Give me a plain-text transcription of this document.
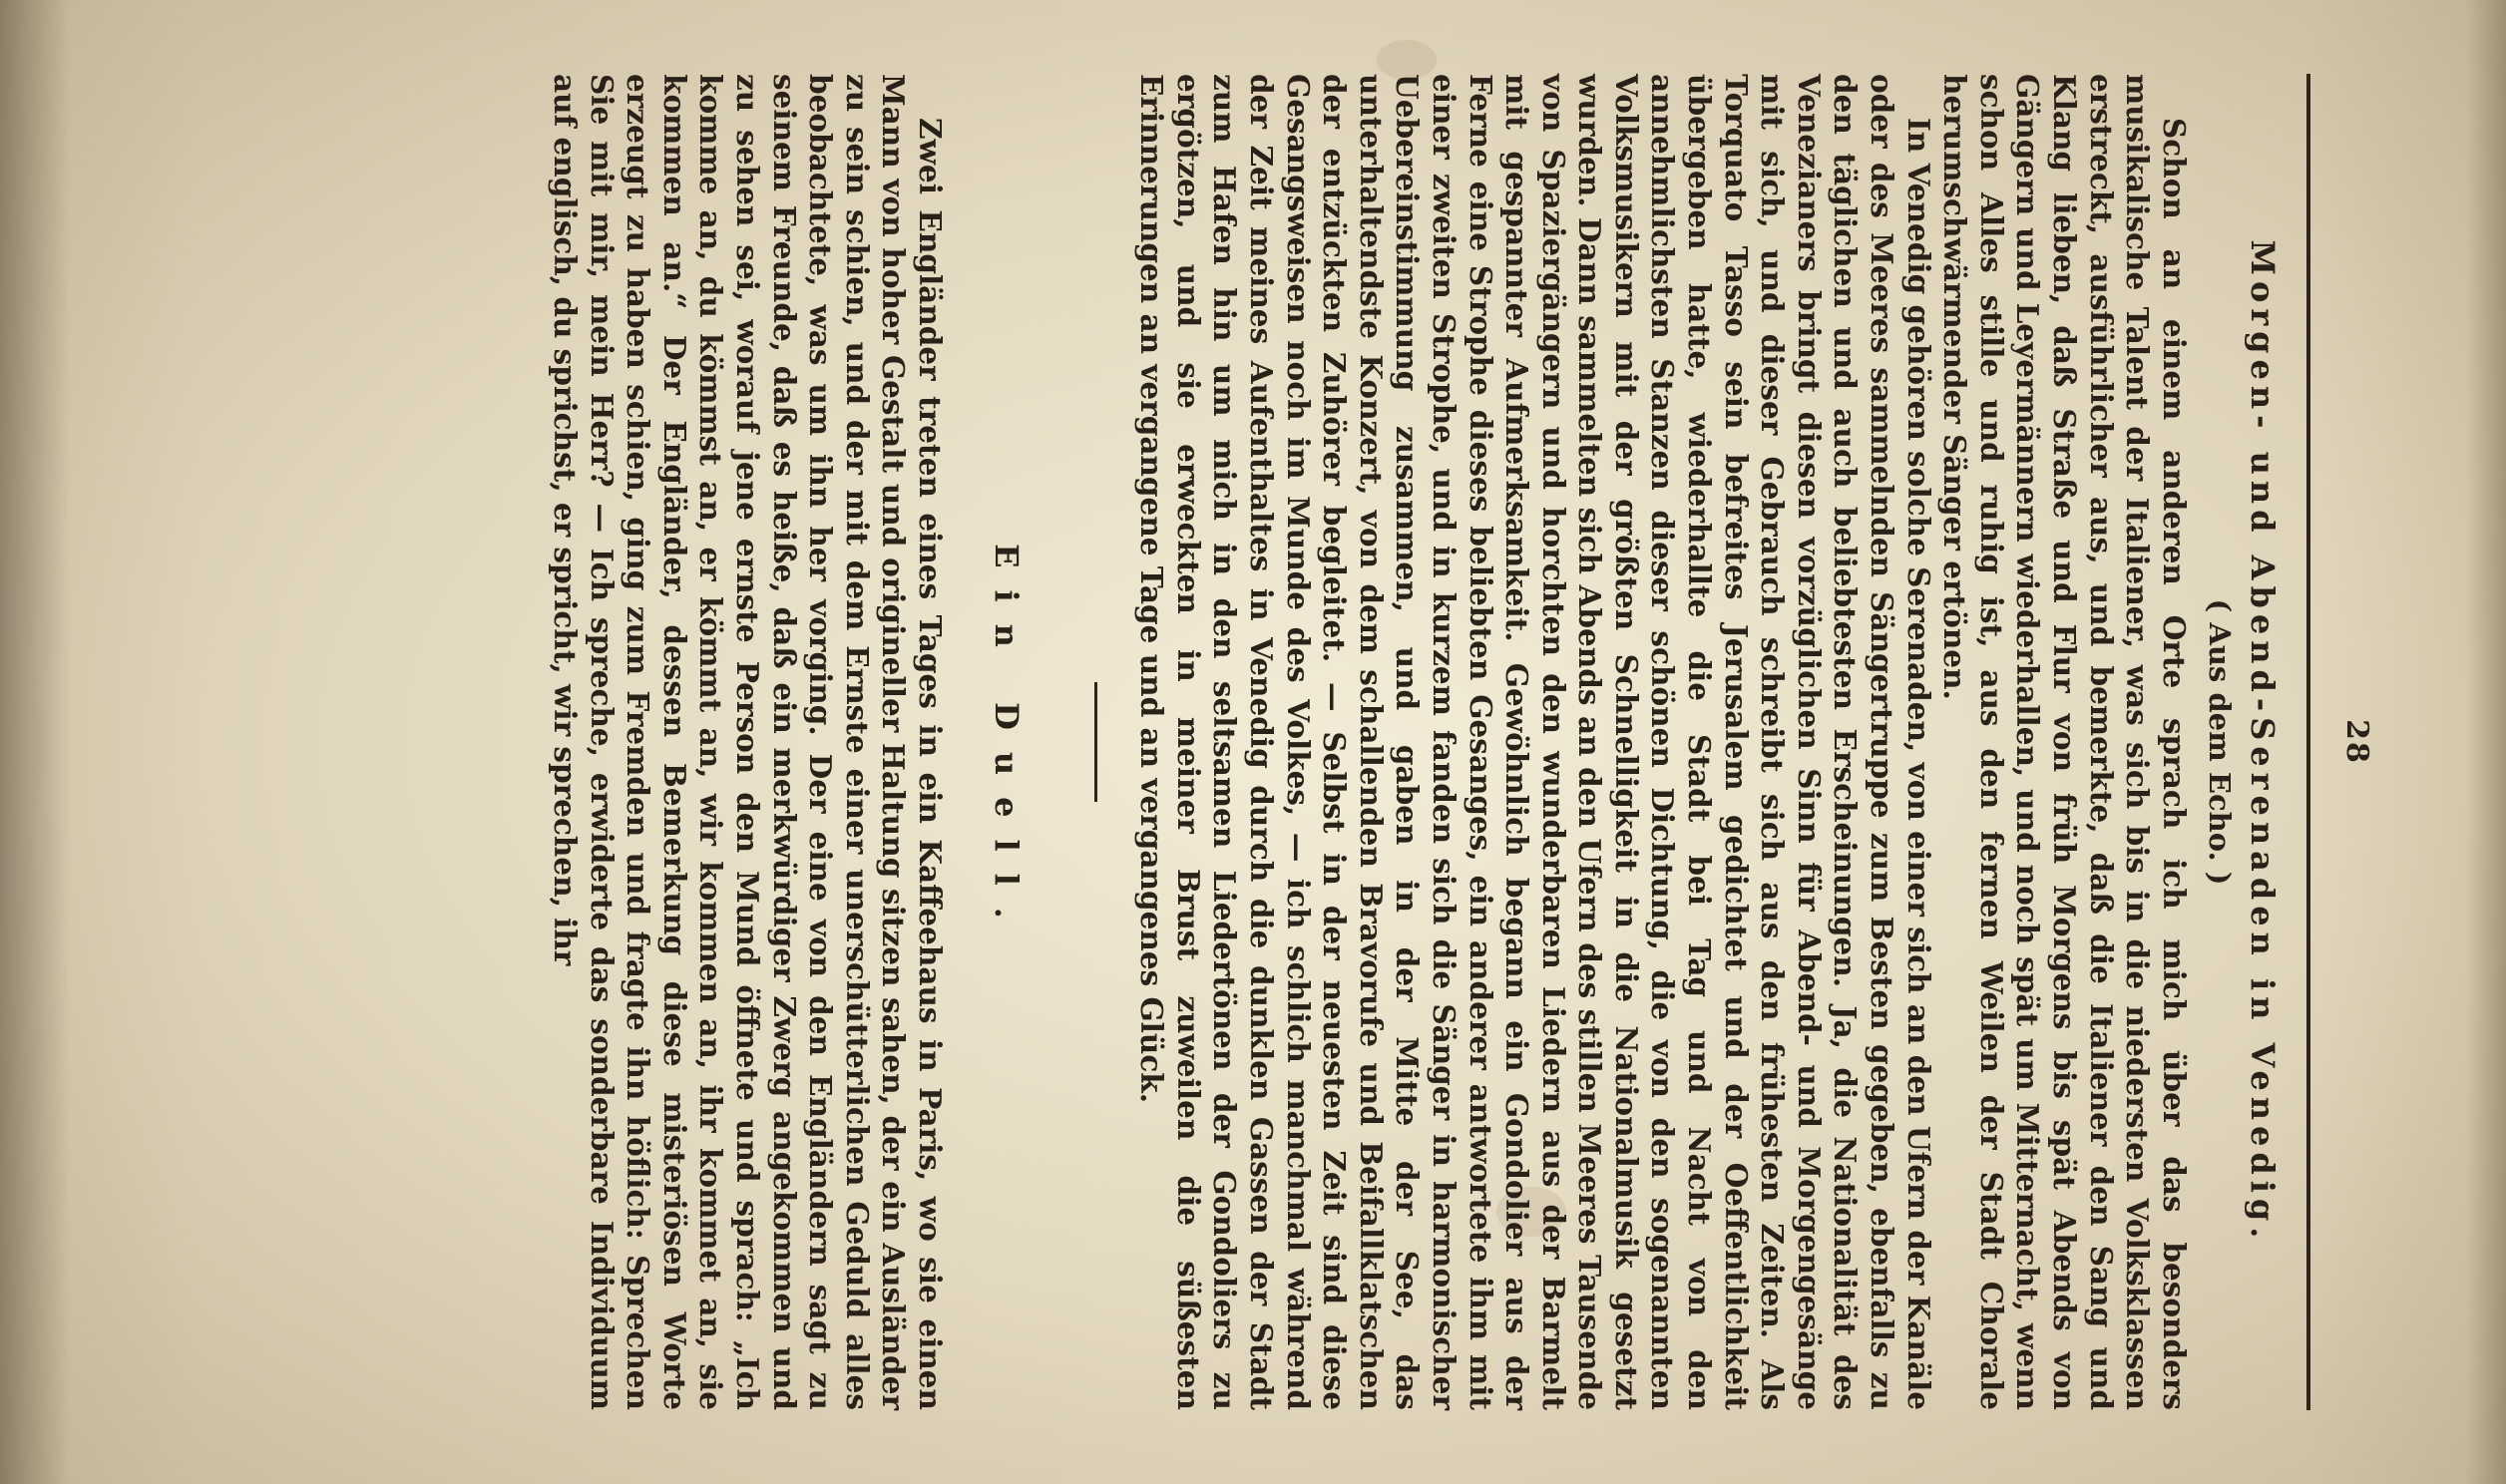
28
Morgen- und Abend-Serenaden in Venedig.
( Aus dem Echo. )

Schon an einem anderen Orte sprach ich mich über das besonders musikalische Talent der Italiener, was sich bis in die niedersten Volksklassen erstreckt, ausführlicher aus, und bemerkte, daß die Italiener den Sang und Klang lieben, daß Straße und Flur von früh Morgens bis spät Abends von Gängern und Leyermännern wiederhallen, und noch spät um Mitternacht, wenn schon Alles stille und ruhig ist, aus den fernen Weilen der Stadt Chorale herumschwärmender Sänger ertönen.

In Venedig gehören solche Serenaden, von einer sich an den Ufern der Kanäle oder des Meeres sammelnden Sängertruppe zum Besten gegeben, ebenfalls zu den täglichen und auch beliebtesten Erscheinungen. Ja, die Nationalität des Venezianers bringt diesen vorzüglichen Sinn für Abend- und Morgengesänge mit sich, und dieser Gebrauch schreibt sich aus den frühesten Zeiten. Als Torquato Tasso sein befreites Jerusalem gedichtet und der Oeffentlichkeit übergeben hatte, wiederhallte die Stadt bei Tag und Nacht von den annehmlichsten Stanzen dieser schönen Dichtung, die von den sogenannten Volksmusikern mit der größten Schnelligkeit in die Nationalmusik gesetzt wurden. Dann sammelten sich Abends an den Ufern des stillen Meeres Tausende von Spaziergängern und horchten den wunderbaren Liedern aus der Barmelt mit gespannter Aufmerksamkeit. Gewöhnlich begann ein Gondolier aus der Ferne eine Strophe dieses beliebten Gesanges, ein anderer antwortete ihm mit einer zweiten Strophe, und in kurzem fanden sich die Sänger in harmonischer Uebereinstimmung zusammen, und gaben in der Mitte der See, das unterhaltendste Konzert, von dem schallenden Bravorufe und Beifallklatschen der entzückten Zuhörer begleitet. — Selbst in der neuesten Zeit sind diese Gesangsweisen noch im Munde des Volkes, — ich schlich manchmal während der Zeit meines Aufenthaltes in Venedig durch die dunklen Gassen der Stadt zum Hafen hin um mich in den seltsamen Liedertönen der Gondoliers zu ergötzen, und sie erweckten in meiner Brust zuweilen die süßesten Erinnerungen an vergangene Tage und an vergangenes Glück.

Ein Duell.

Zwei Engländer treten eines Tages in ein Kaffeehaus in Paris, wo sie einen Mann von hoher Gestalt und origineller Haltung sitzen sahen, der ein Ausländer zu sein schien, und der mit dem Ernste einer unerschütterlichen Geduld alles beobachtete, was um ihn her vorging. Der eine von den Engländern sagt zu seinem Freunde, daß es heiße, daß ein merkwürdiger Zwerg angekommen und zu sehen sei, worauf jene ernste Person den Mund öffnete und sprach: „Ich komme an, du kömmst an, er kömmt an, wir kommen an, ihr kommet an, sie kommen an.“ Der Engländer, dessen Bemerkung diese misteriösen Worte erzeugt zu haben schien, ging zum Fremden und fragte ihn höflich: Sprechen Sie mit mir, mein Herr? — Ich spreche, erwiderte das sonderbare Individuum auf englisch, du sprichst, er spricht, wir sprechen, ihr
